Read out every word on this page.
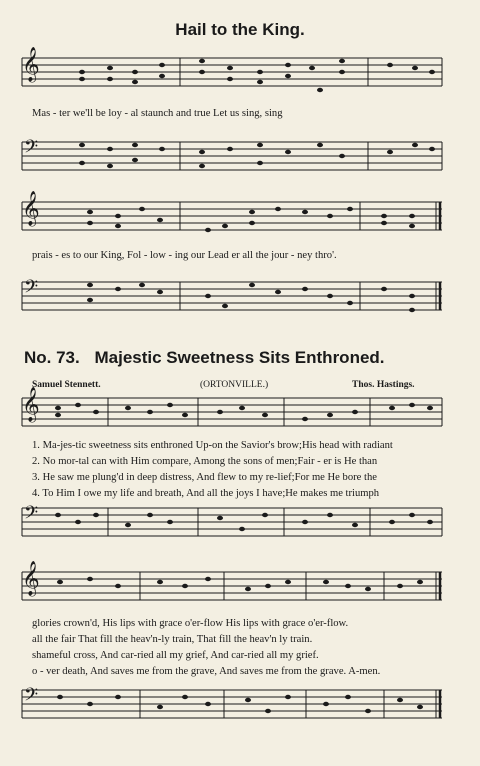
Hail to the King.
𝄞
Mas - ter we'll be loy - al staunch and true Let us sing, sing
𝄢
𝄞
prais - es to our King, Fol - low - ing our Lead er all the jour - ney thro'.
𝄢
No. 73. Majestic Sweetness Sits Enthroned.
Samuel Stennett.	(ORTONVILLE.)	Thos. Hastings.
𝄞
1. Ma-jes-tic sweetness sits enthroned Up-on the Savior's brow;His head with radiant
2. No mor-tal can with Him compare, Among the sons of men;Fair - er is He than
3. He saw me plung'd in deep distress, And flew to my re-lief;For me He bore the
4. To Him I owe my life and breath, And all the joys I have;He makes me triumph
𝄢
𝄞
glories crown'd, His lips with grace o'er-flow His lips with grace o'er-flow.
all the fair That fill the heav'n-ly train, That fill the heav'n ly train.
shameful cross, And car-ried all my grief, And car-ried all my grief.
o - ver death, And saves me from the grave, And saves me from the grave. A-men.
𝄢
